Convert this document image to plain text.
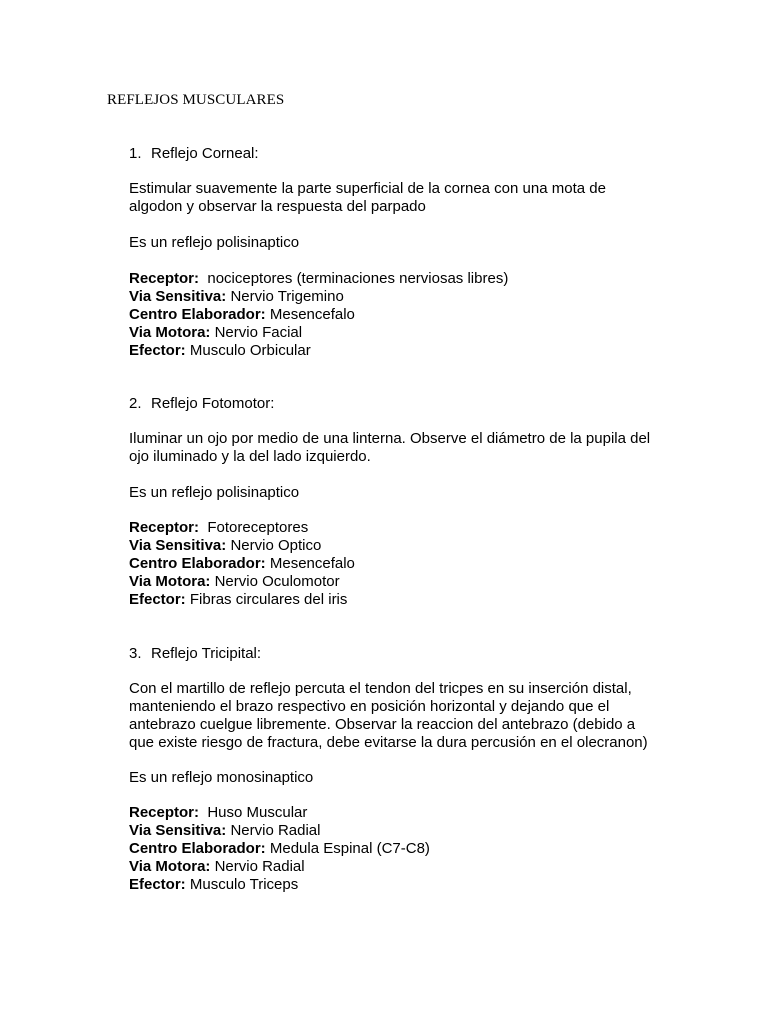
REFLEJOS MUSCULARES
1. Reflejo Corneal:
Estimular suavemente la parte superficial de la cornea con una mota de
algodon y observar la respuesta del parpado
Es un reflejo polisinaptico
Receptor:  nociceptores (terminaciones nerviosas libres)
Via Sensitiva: Nervio Trigemino
Centro Elaborador: Mesencefalo
Via Motora: Nervio Facial
Efector: Musculo Orbicular
2. Reflejo Fotomotor:
Iluminar un ojo por medio de una linterna. Observe el diámetro de la pupila del
ojo iluminado y la del lado izquierdo.
Es un reflejo polisinaptico
Receptor:  Fotoreceptores
Via Sensitiva: Nervio Optico
Centro Elaborador: Mesencefalo
Via Motora: Nervio Oculomotor
Efector: Fibras circulares del iris
3. Reflejo Tricipital:
Con el martillo de reflejo percuta el tendon del tricpes en su inserción distal,
manteniendo el brazo respectivo en posición horizontal y dejando que el
antebrazo cuelgue libremente. Observar la reaccion del antebrazo (debido a
que existe riesgo de fractura, debe evitarse la dura percusión en el olecranon)
Es un reflejo monosinaptico
Receptor:  Huso Muscular
Via Sensitiva: Nervio Radial
Centro Elaborador: Medula Espinal (C7-C8)
Via Motora: Nervio Radial
Efector: Musculo Triceps
